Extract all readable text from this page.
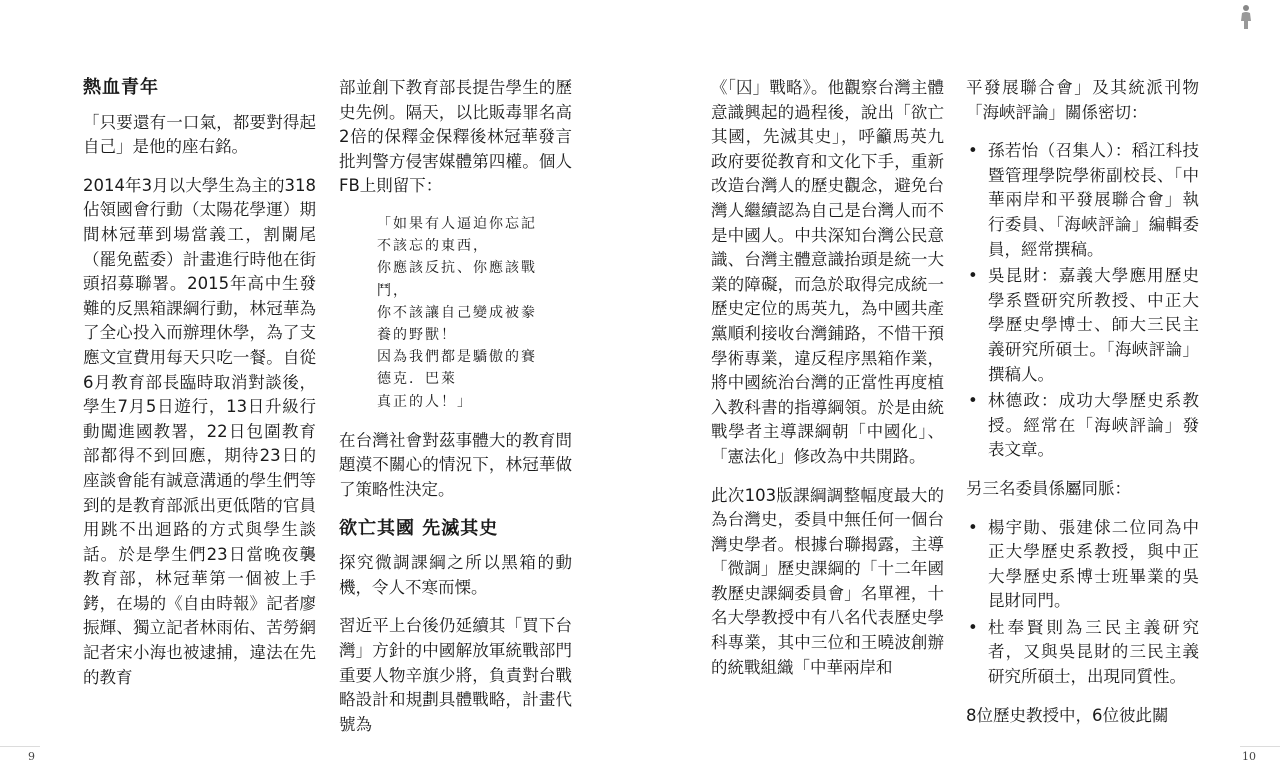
熱血青年

「只要還有一口氣，都要對得起自己」是他的座右銘。

2014年3月以大學生為主的318佔領國會行動（太陽花學運）期間林冠華到場當義工，割闌尾（罷免藍委）計畫進行時他在街頭招募聯署。2015年高中生發難的反黑箱課綱行動，林冠華為了全心投入而辦理休學，為了支應文宣費用每天只吃一餐。自從6月教育部長臨時取消對談後，學生7月5日遊行，13日升級行動闖進國教署，22日包圍教育部都得不到回應，期待23日的座談會能有誠意溝通的學生們等到的是教育部派出更低階的官員用跳不出迴路的方式與學生談話。於是學生們23日當晚夜襲教育部，林冠華第一個被上手銬，在場的《自由時報》記者廖振輝、獨立記者林雨佑、苦勞網記者宋小海也被逮捕，違法在先的教育

部並創下教育部長提告學生的歷史先例。隔天，以比販毒罪名高2倍的保釋金保釋後林冠華發言批判警方侵害媒體第四權。個人FB上則留下：

「如果有人逼迫你忘記
不該忘的東西，
你應該反抗、你應該戰
鬥，
你不該讓自己變成被豢
養的野獸！
因為我們都是驕傲的賽
德克．巴萊
真正的人！」

在台灣社會對茲事體大的教育問題漠不關心的情況下，林冠華做了策略性決定。

欲亡其國 先滅其史

探究微調課綱之所以黑箱的動機，令人不寒而慄。

習近平上台後仍延續其「買下台灣」方針的中國解放軍統戰部門重要人物辛旗少將，負責對台戰略設計和規劃具體戰略，計畫代號為

《「囚」戰略》。他觀察台灣主體意識興起的過程後，說出「欲亡其國，先滅其史」，呼籲馬英九政府要從教育和文化下手，重新改造台灣人的歷史觀念，避免台灣人繼續認為自己是台灣人而不是中國人。中共深知台灣公民意識、台灣主體意識抬頭是統一大業的障礙，而急於取得完成統一歷史定位的馬英九，為中國共產黨順利接收台灣鋪路，不惜干預學術專業，違反程序黑箱作業，將中國統治台灣的正當性再度植入教科書的指導綱領。於是由統戰學者主導課綱朝「中國化」、「憲法化」修改為中共開路。

此次103版課綱調整幅度最大的為台灣史，委員中無任何一個台灣史學者。根據台聯揭露，主導「微調」歷史課綱的「十二年國教歷史課綱委員會」名單裡，十名大學教授中有八名代表歷史學科專業，其中三位和王曉波創辦的統戰組織「中華兩岸和

平發展聯合會」及其統派刊物「海峽評論」關係密切：

• 孫若怡（召集人）：稻江科技暨管理學院學術副校長、「中華兩岸和平發展聯合會」執行委員、「海峽評論」編輯委員，經常撰稿。
• 吳昆財：嘉義大學應用歷史學系暨研究所教授、中正大學歷史學博士、師大三民主義研究所碩士。「海峽評論」撰稿人。
• 林德政：成功大學歷史系教授。經常在「海峽評論」發表文章。

另三名委員係屬同脈：

• 楊宇勛、張建俅二位同為中正大學歷史系教授，與中正大學歷史系博士班畢業的吳昆財同門。
• 杜奉賢則為三民主義研究者，又與吳昆財的三民主義研究所碩士，出現同質性。

8位歷史教授中，6位彼此關

9	10
